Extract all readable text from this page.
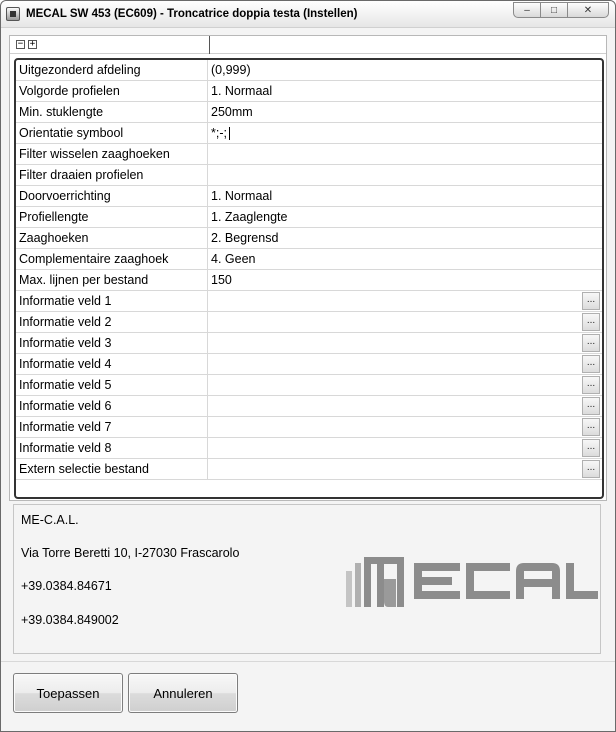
MECAL SW 453 (EC609) - Troncatrice doppia testa (Instellen)	–	□	✕
− +
Uitgezonderd afdeling	(0,999)
Volgorde profielen	1. Normaal
Min. stuklengte	250mm
Orientatie symbool	*;-;
Filter wisselen zaaghoeken
Filter draaien profielen
Doorvoerrichting	1. Normaal
Profiellengte	1. Zaaglengte
Zaaghoeken	2. Begrensd
Complementaire zaaghoek	4. Geen
Max. lijnen per bestand	150
Informatie veld 1	...
Informatie veld 2	...
Informatie veld 3	...
Informatie veld 4	...
Informatie veld 5	...
Informatie veld 6	...
Informatie veld 7	...
Informatie veld 8	...
Extern selectie bestand	...
ME-C.A.L.
Via Torre Beretti 10, I-27030 Frascarolo
+39.0384.84671
+39.0384.849002
MECAL
Toepassen	Annuleren
